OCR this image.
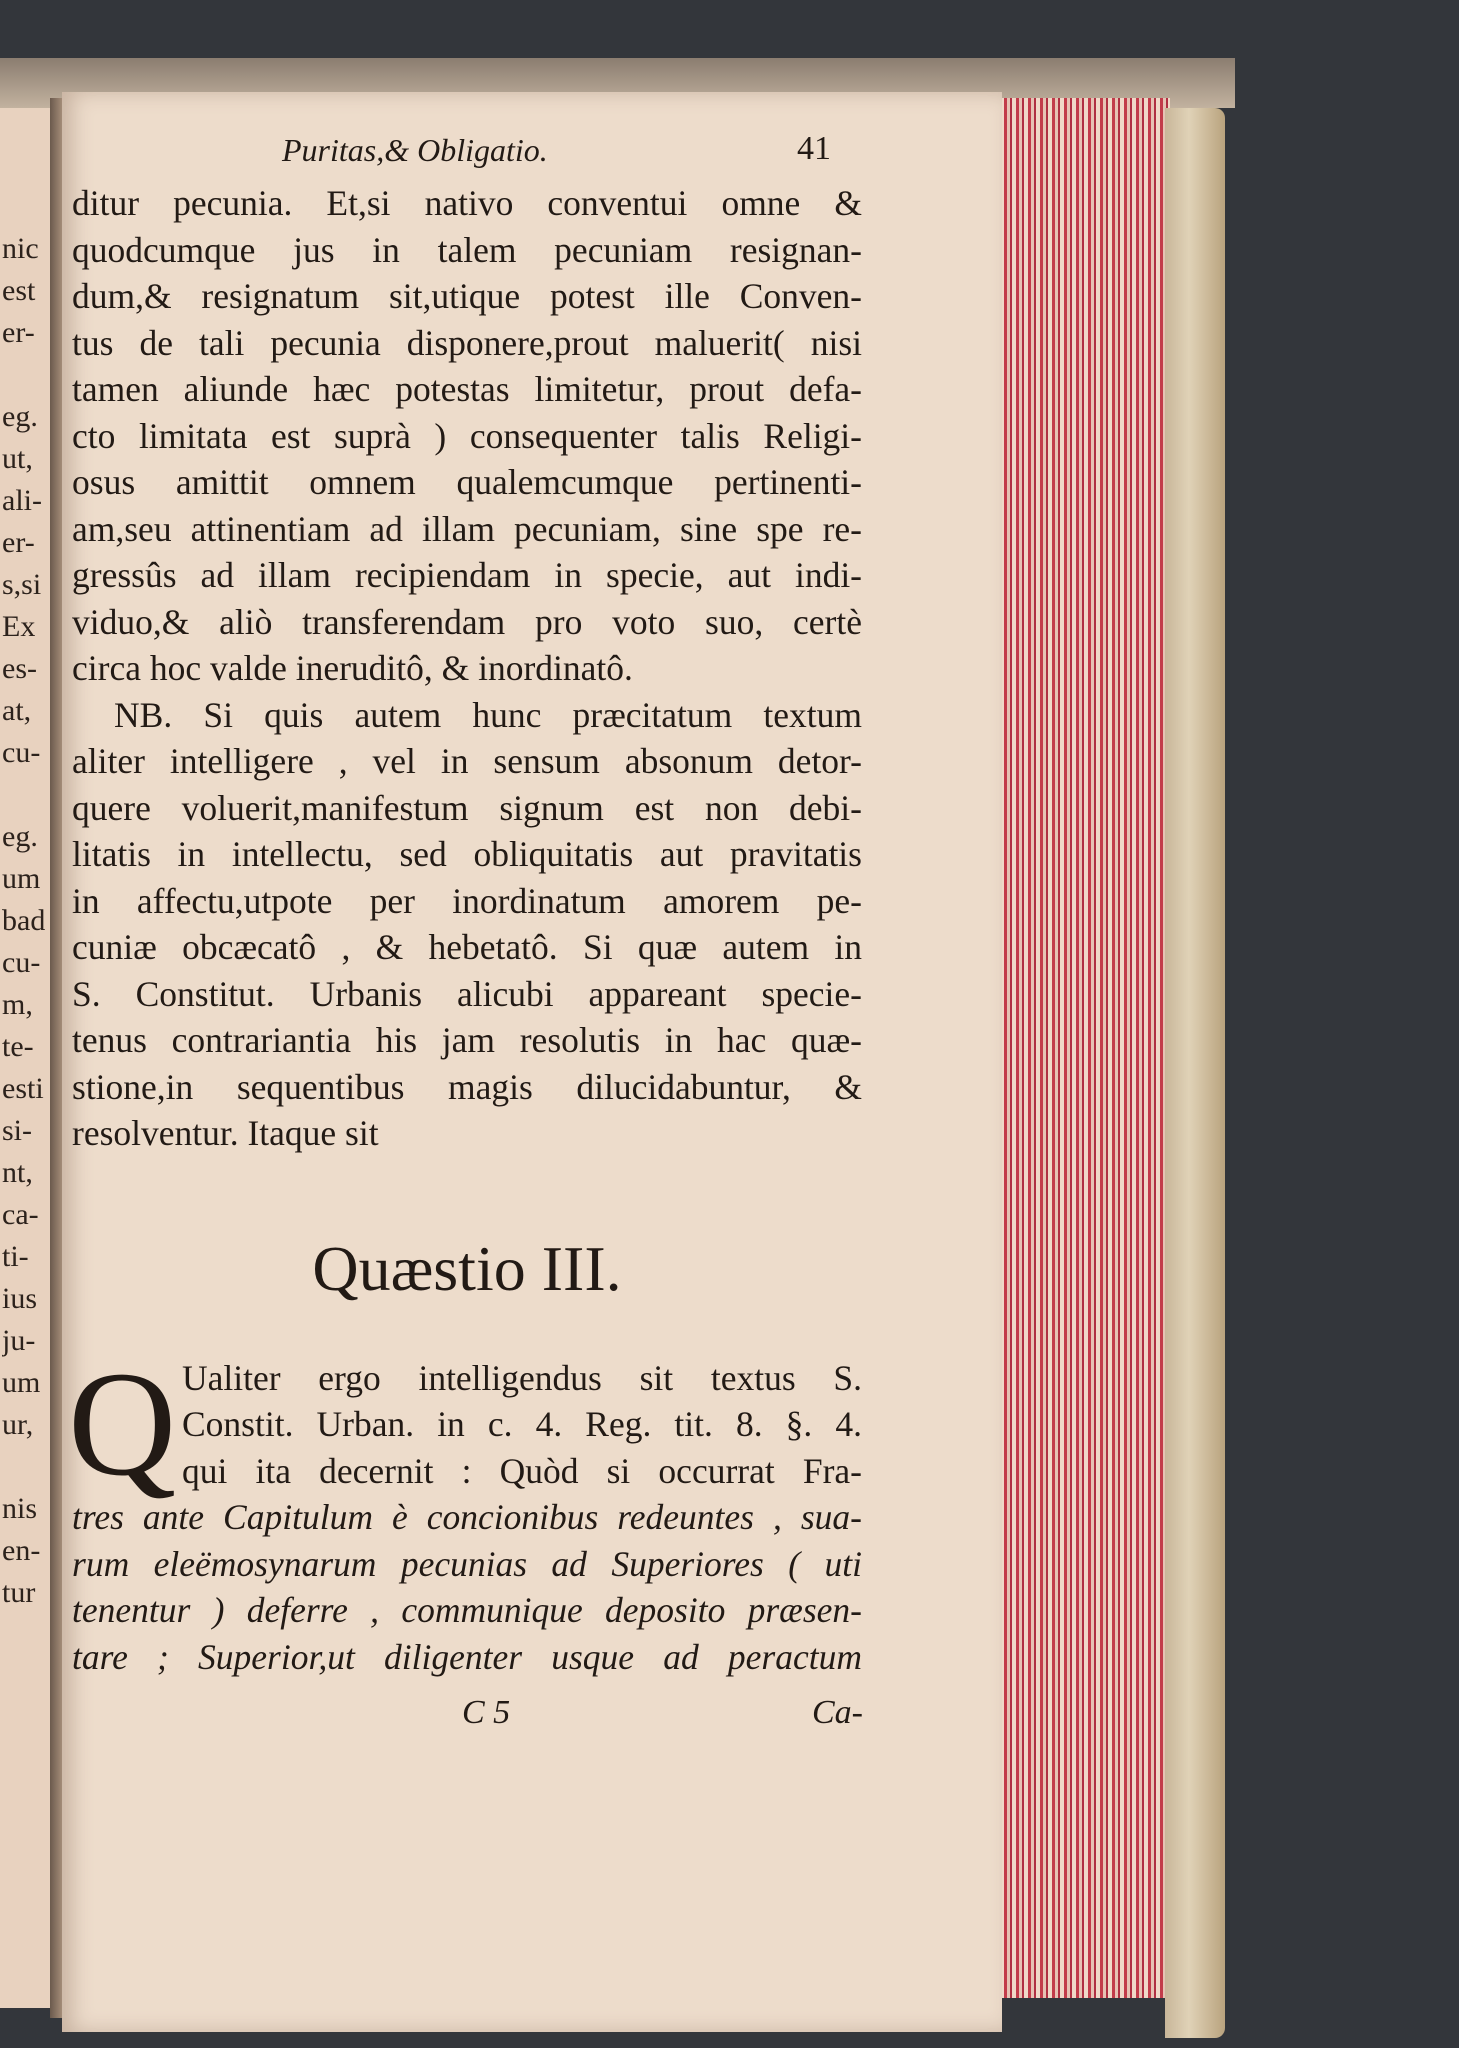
nic
est
er-
eg.
ut,
ali-
er-
s,si
Ex
es-
at,
cu-
eg.
um
bad
cu-
m,
te-
esti
si-
nt,
ca-
ti-
ius
ju-
um
ur,
nis
en-
tur
Puritas,& Obligatio.	41
ditur pecunia. Et,si nativo conventui omne &
quodcumque jus in talem pecuniam resignan-
dum,& resignatum sit,utique potest ille Conven-
tus de tali pecunia disponere,prout maluerit( nisi
tamen aliunde hæc potestas limitetur, prout defa-
cto limitata est suprà ) consequenter talis Religi-
osus amittit omnem qualemcumque pertinenti-
am,seu attinentiam ad illam pecuniam, sine spe re-
gressûs ad illam recipiendam in specie, aut indi-
viduo,& aliò transferendam pro voto suo, certè
circa hoc valde ineruditô, & inordinatô.
NB. Si quis autem hunc præcitatum textum
aliter intelligere , vel in sensum absonum detor-
quere voluerit,manifestum signum est non debi-
litatis in intellectu, sed obliquitatis aut pravitatis
in affectu,utpote per inordinatum amorem pe-
cuniæ obcæcatô , & hebetatô. Si quæ autem in
S. Constitut. Urbanis alicubi appareant specie-
tenus contrariantia his jam resolutis in hac quæ-
stione,in sequentibus magis dilucidabuntur, &
resolventur. Itaque sit
Quæstio III.
Q Ualiter ergo intelligendus sit textus S.
Constit. Urban. in c. 4. Reg. tit. 8. §. 4.
qui ita decernit : Quòd si occurrat Fra-
tres ante Capitulum è concionibus redeuntes , sua-
rum eleëmosynarum pecunias ad Superiores ( uti
tenentur ) deferre , communique deposito præsen-
tare ; Superior,ut diligenter usque ad peractum
C 5	Ca-
